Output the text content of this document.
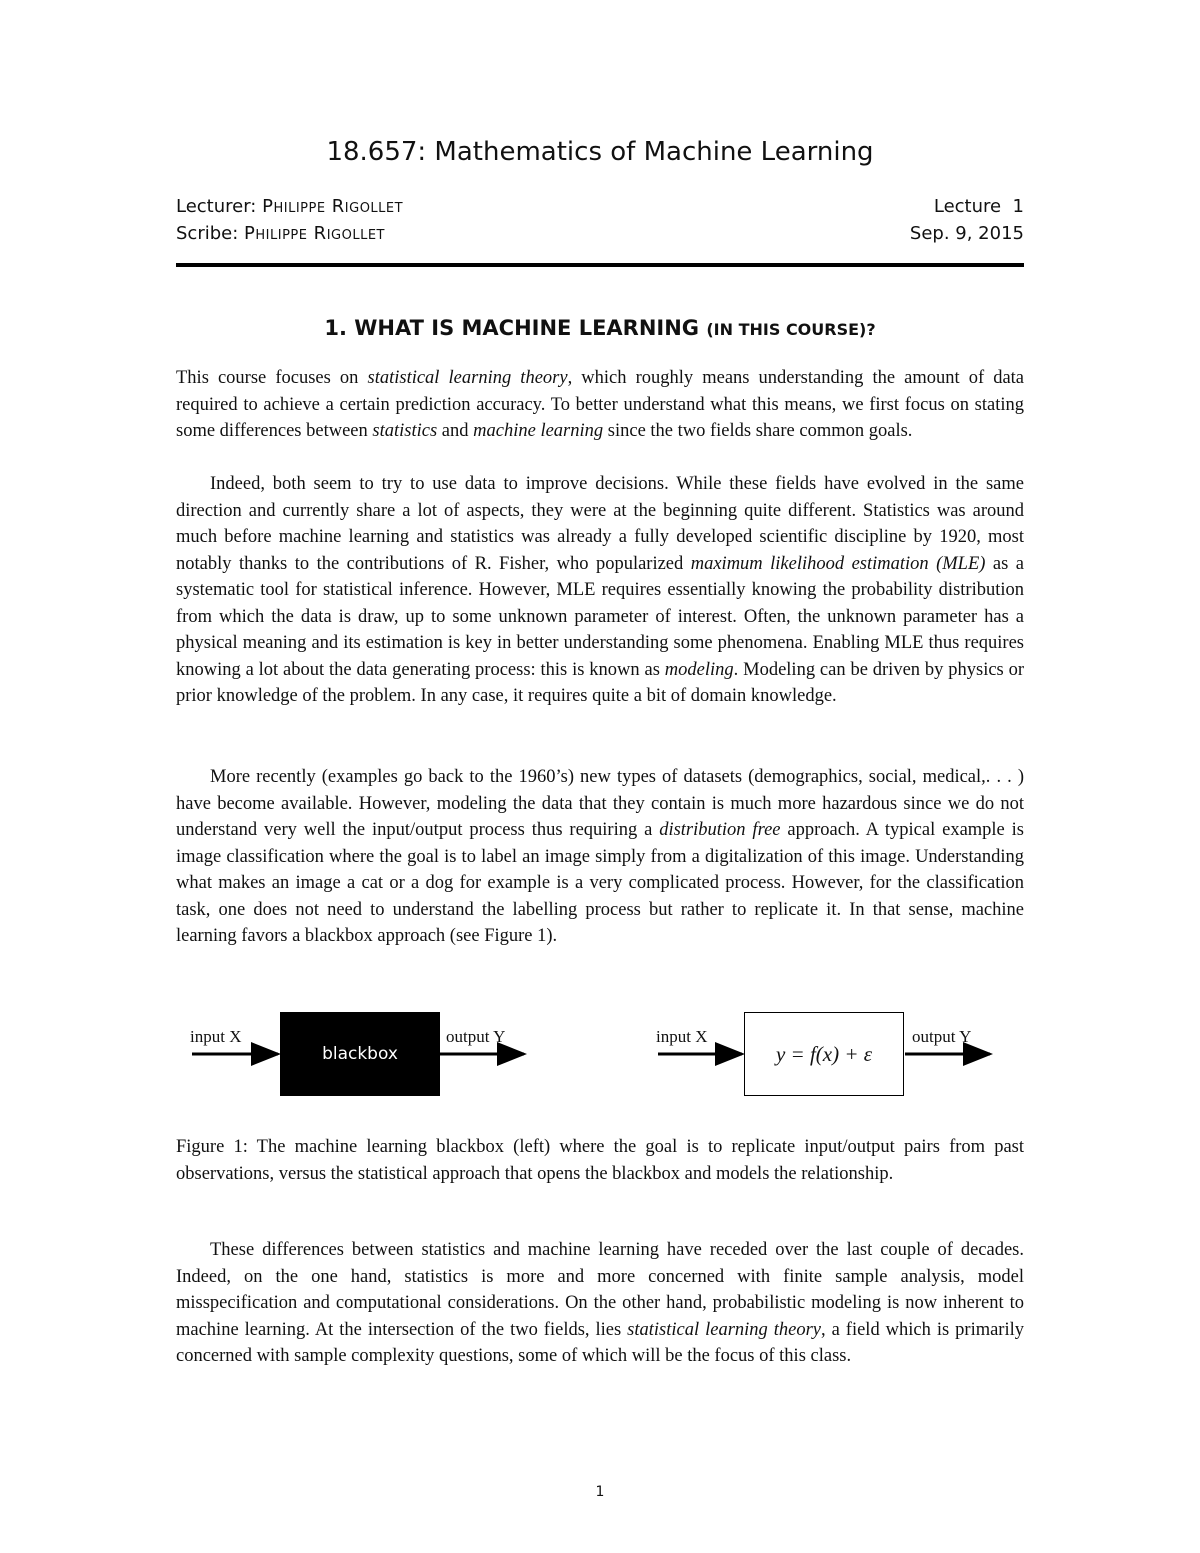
18.657: Mathematics of Machine Learning
Lecturer: Philippe Rigollet	Lecture 1
Scribe: Philippe Rigollet	Sep. 9, 2015
1. WHAT IS MACHINE LEARNING (IN THIS COURSE)?

This course focuses on statistical learning theory, which roughly means understanding the amount of data required to achieve a certain prediction accuracy. To better understand what this means, we first focus on stating some differences between statistics and machine learning since the two fields share common goals.

Indeed, both seem to try to use data to improve decisions. While these fields have evolved in the same direction and currently share a lot of aspects, they were at the beginning quite different. Statistics was around much before machine learning and statistics was already a fully developed scientific discipline by 1920, most notably thanks to the contributions of R. Fisher, who popularized maximum likelihood estimation (MLE) as a systematic tool for statistical inference. However, MLE requires essentially knowing the probability distribution from which the data is draw, up to some unknown parameter of interest. Often, the unknown parameter has a physical meaning and its estimation is key in better understanding some phenomena. Enabling MLE thus requires knowing a lot about the data generating process: this is known as modeling. Modeling can be driven by physics or prior knowledge of the problem. In any case, it requires quite a bit of domain knowledge.

More recently (examples go back to the 1960’s) new types of datasets (demographics, social, medical,. . . ) have become available. However, modeling the data that they contain is much more hazardous since we do not understand very well the input/output process thus requiring a distribution free approach. A typical example is image classification where the goal is to label an image simply from a digitalization of this image. Understanding what makes an image a cat or a dog for example is a very complicated process. However, for the classification task, one does not need to understand the labelling process but rather to replicate it. In that sense, machine learning favors a blackbox approach (see Figure 1).

input X
blackbox
output Y	input X
y = f(x) + ε
output Y

Figure 1: The machine learning blackbox (left) where the goal is to replicate input/output pairs from past observations, versus the statistical approach that opens the blackbox and models the relationship.

These differences between statistics and machine learning have receded over the last couple of decades. Indeed, on the one hand, statistics is more and more concerned with finite sample analysis, model misspecification and computational considerations. On the other hand, probabilistic modeling is now inherent to machine learning. At the intersection of the two fields, lies statistical learning theory, a field which is primarily concerned with sample complexity questions, some of which will be the focus of this class.

1
